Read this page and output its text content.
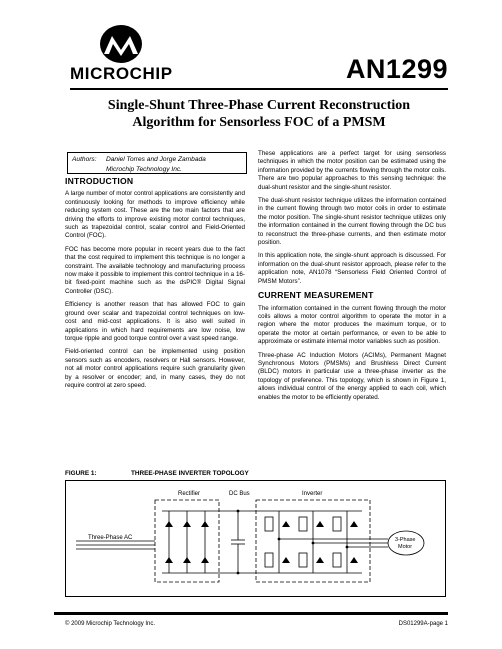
MICROCHIP	AN1299
Single-Shunt Three-Phase Current Reconstruction
Algorithm for Sensorless FOC of a PMSM
Authors: Daniel Torres and Jorge Zambada
Microchip Technology Inc.
INTRODUCTION

A large number of motor control applications are consistently and continuously looking for methods to improve efficiency while reducing system cost. These are the two main factors that are driving the efforts to improve existing motor control techniques, such as trapezoidal control, scalar control and Field-Oriented Control (FOC).

FOC has become more popular in recent years due to the fact that the cost required to implement this technique is no longer a constraint. The available technology and manufacturing process now make it possible to implement this control technique in a 16-bit fixed-point machine such as the dsPIC® Digital Signal Controller (DSC).

Efficiency is another reason that has allowed FOC to gain ground over scalar and trapezoidal control techniques on low-cost and mid-cost applications. It is also well suited in applications in which hard requirements are low noise, low torque ripple and good torque control over a vast speed range.

Field-oriented control can be implemented using position sensors such as encoders, resolvers or Hall sensors. However, not all motor control applications require such granularity given by a resolver or encoder; and, in many cases, they do not require control at zero speed.

These applications are a perfect target for using sensorless techniques in which the motor position can be estimated using the information provided by the currents flowing through the motor coils. There are two popular approaches to this sensing technique: the dual-shunt resistor and the single-shunt resistor.

The dual-shunt resistor technique utilizes the information contained in the current flowing through two motor coils in order to estimate the motor position. The single-shunt resistor technique utilizes only the information contained in the current flowing through the DC bus to reconstruct the three-phase currents, and then estimate motor position.

In this application note, the single-shunt approach is discussed. For information on the dual-shunt resistor approach, please refer to the application note, AN1078 “Sensorless Field Oriented Control of PMSM Motors”.

CURRENT MEASUREMENT

The information contained in the current flowing through the motor coils allows a motor control algorithm to operate the motor in a region where the motor produces the maximum torque, or to operate the motor at certain performance, or even to be able to approximate or estimate internal motor variables such as position.

Three-phase AC Induction Motors (ACIMs), Permanent Magnet Synchronous Motors (PMSMs) and Brushless Direct Current (BLDC) motors in particular use a three-phase inverter as the topology of preference. This topology, which is shown in Figure 1, allows individual control of the energy applied to each coil, which enables the motor to be efficiently operated.

FIGURE 1:	THREE-PHASE INVERTER TOPOLOGY
Rectifier	DC Bus	Inverter
Three-Phase AC	3-Phase
Motor
© 2009 Microchip Technology Inc.	DS01299A-page 1
